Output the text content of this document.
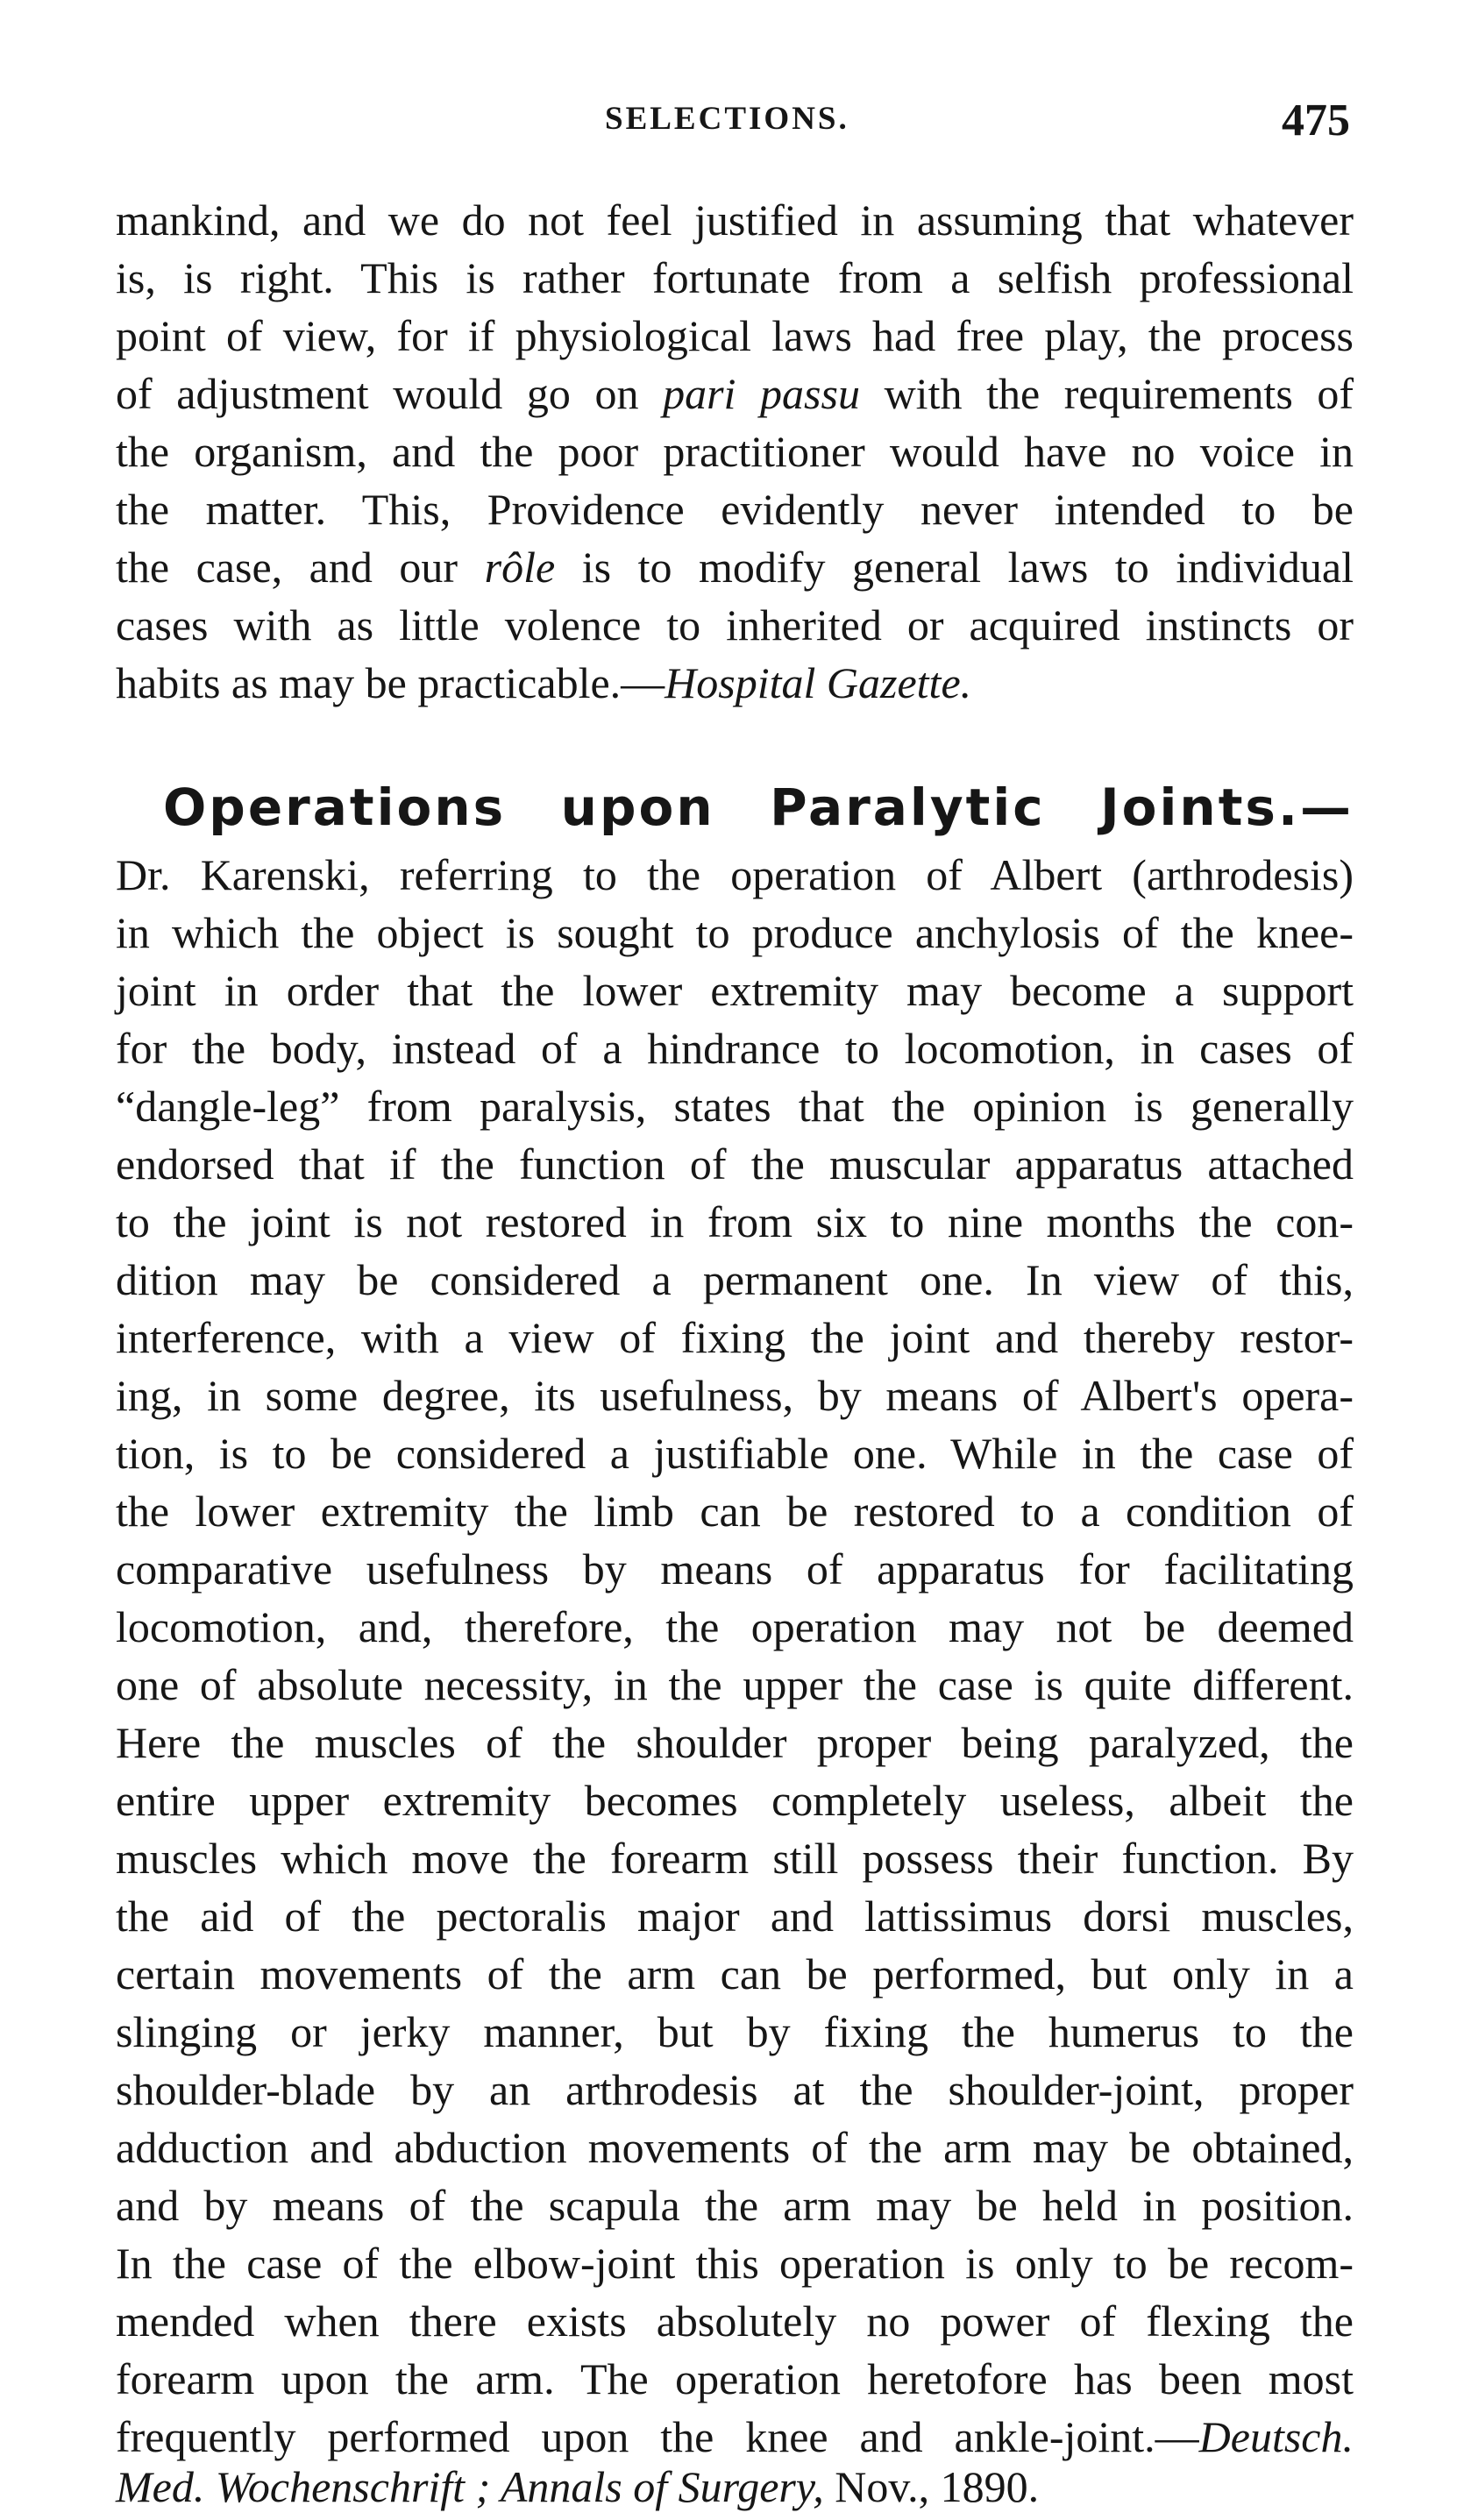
SELECTIONS.	475
mankind, and we do not feel justified in assuming that whatever
is, is right. This is rather fortunate from a selfish professional
point of view, for if physiological laws had free play, the process
of adjustment would go on pari passu with the requirements of
the organism, and the poor practitioner would have no voice in
the matter. This, Providence evidently never intended to be
the case, and our rôle is to modify general laws to individual
cases with as little volence to inherited or acquired instincts or
habits as may be practicable.—Hospital Gazette.
Operations upon Paralytic Joints.—
Dr. Karenski, referring to the operation of Albert (arthrodesis)
in which the object is sought to produce anchylosis of the knee-
joint in order that the lower extremity may become a support
for the body, instead of a hindrance to locomotion, in cases of
“dangle-leg” from paralysis, states that the opinion is generally
endorsed that if the function of the muscular apparatus attached
to the joint is not restored in from six to nine months the con-
dition may be considered a permanent one. In view of this,
interference, with a view of fixing the joint and thereby restor-
ing, in some degree, its usefulness, by means of Albert's opera-
tion, is to be considered a justifiable one. While in the case of
the lower extremity the limb can be restored to a condition of
comparative usefulness by means of apparatus for facilitating
locomotion, and, therefore, the operation may not be deemed
one of absolute necessity, in the upper the case is quite different.
Here the muscles of the shoulder proper being paralyzed, the
entire upper extremity becomes completely useless, albeit the
muscles which move the forearm still possess their function. By
the aid of the pectoralis major and lattissimus dorsi muscles,
certain movements of the arm can be performed, but only in a
slinging or jerky manner, but by fixing the humerus to the
shoulder-blade by an arthrodesis at the shoulder-joint, proper
adduction and abduction movements of the arm may be obtained,
and by means of the scapula the arm may be held in position.
In the case of the elbow-joint this operation is only to be recom-
mended when there exists absolutely no power of flexing the
forearm upon the arm. The operation heretofore has been most
frequently performed upon the knee and ankle-joint.—Deutsch.
Med. Wochenschrift ; Annals of Surgery, Nov., 1890.
